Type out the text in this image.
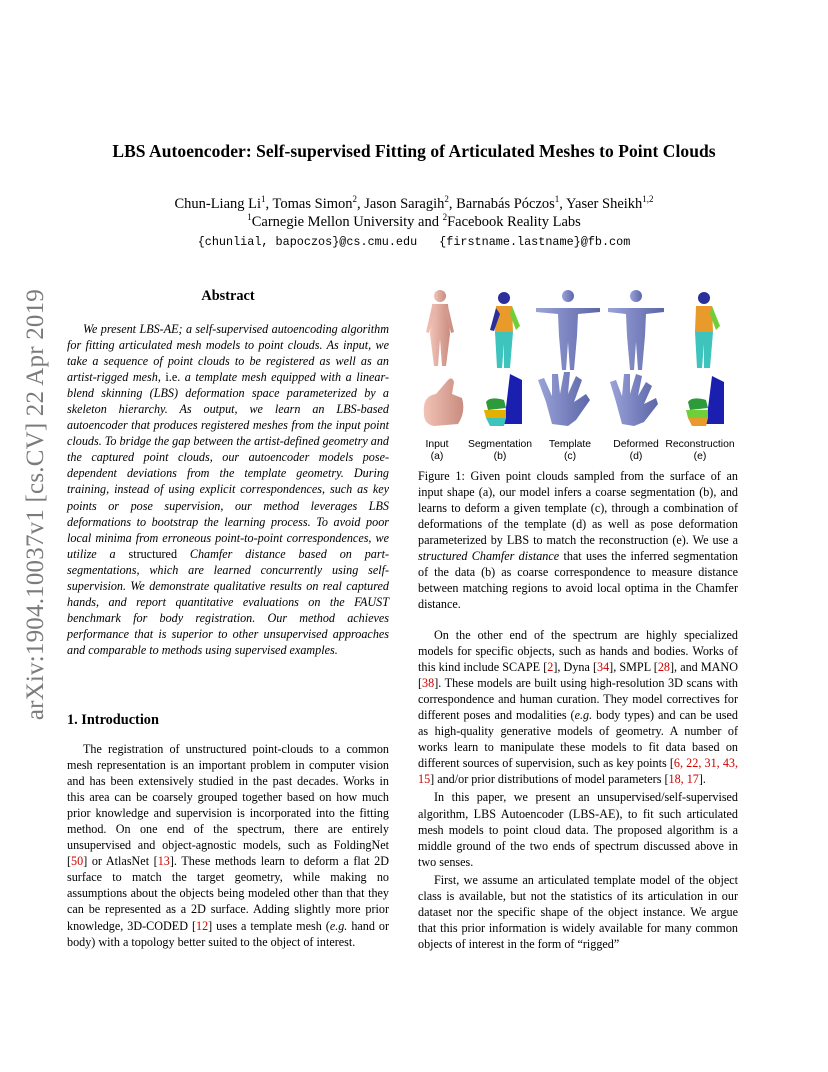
LBS Autoencoder: Self-supervised Fitting of Articulated Meshes to Point Clouds
Chun-Liang Li$^1$, Tomas Simon$^2$, Jason Saragih$^2$, Barnabás Póczos$^1$, Yaser Sheikh$^{1,2}$
$^1$Carnegie Mellon University and $^2$Facebook Reality Labs
{chunlial, bapoczos}@cs.cmu.edu {firstname.lastname}@fb.com
arXiv:1904.10037v1 [cs.CV] 22 Apr 2019	Abstract
We present LBS-AE; a self-supervised autoencoding algorithm for fitting articulated mesh models to point clouds. As input, we take a sequence of point clouds to be registered as well as an artist-rigged mesh, i.e. a template mesh equipped with a linear-blend skinning (LBS) deformation space parameterized by a skeleton hierarchy. As output, we learn an LBS-based autoencoder that produces registered meshes from the input point clouds. To bridge the gap between the artist-defined geometry and the captured point clouds, our autoencoder models pose-dependent deviations from the template geometry. During training, instead of using explicit correspondences, such as key points or pose supervision, our method leverages LBS deformations to bootstrap the learning process. To avoid poor local minima from erroneous point-to-point correspondences, we utilize a structured Chamfer distance based on part-segmentations, which are learned concurrently using self-supervision. We demonstrate qualitative results on real captured hands, and report quantitative evaluations on the FAUST benchmark for body registration. Our method achieves performance that is superior to other unsupervised approaches and comparable to methods using supervised examples.
1. Introduction
The registration of unstructured point-clouds to a common mesh representation is an important problem in computer vision and has been extensively studied in the past decades. Works in this area can be coarsely grouped together based on how much prior knowledge and supervision is incorporated into the fitting method. On one end of the spectrum, there are entirely unsupervised and object-agnostic models, such as FoldingNet [50] or AtlasNet [13]. These methods learn to deform a flat 2D surface to match the target geometry, while making no assumptions about the objects being modeled other than that they can be represented as a 2D surface. Adding slightly more prior knowledge, 3D-CODED [12] uses a template mesh (e.g. hand or body) with a topology better suited to the object of interest.
Input
(a)
Segmentation
(b)
Template
(c)
Deformed
(d)
Reconstruction
(e)
Figure 1: Given point clouds sampled from the surface of an input shape (a), our model infers a coarse segmentation (b), and learns to deform a given template (c), through a combination of deformations of the template (d) as well as pose deformation parameterized by LBS to match the reconstruction (e). We use a structured Chamfer distance that uses the inferred segmentation of the data (b) as coarse correspondence to measure distance between matching regions to avoid local optima in the Chamfer distance.
On the other end of the spectrum are highly specialized models for specific objects, such as hands and bodies. Works of this kind include SCAPE [2], Dyna [34], SMPL [28], and MANO [38]. These models are built using high-resolution 3D scans with correspondence and human curation. They model correctives for different poses and modalities (e.g. body types) and can be used as high-quality generative models of geometry. A number of works learn to manipulate these models to fit data based on different sources of supervision, such as key points [6, 22, 31, 43, 15] and/or prior distributions of model parameters [18, 17].
In this paper, we present an unsupervised/self-supervised algorithm, LBS Autoencoder (LBS-AE), to fit such articulated mesh models to point cloud data. The proposed algorithm is a middle ground of the two ends of spectrum discussed above in two senses.
First, we assume an articulated template model of the object class is available, but not the statistics of its articulation in our dataset nor the specific shape of the object instance. We argue that this prior information is widely available for many common objects of interest in the form of “rigged”
